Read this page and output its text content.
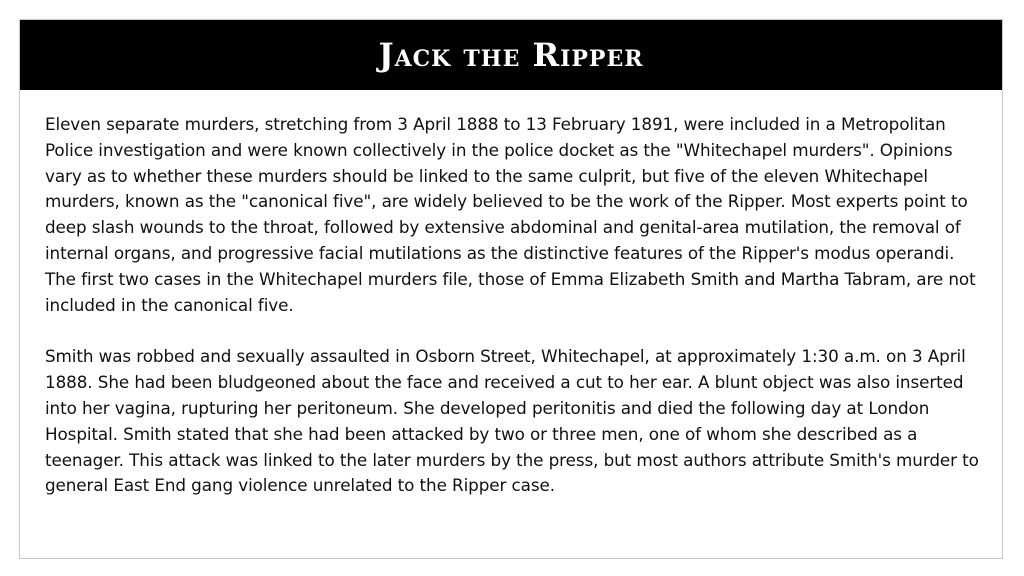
Jack the Ripper

Eleven separate murders, stretching from 3 April 1888 to 13 February 1891, were included in a Metropolitan Police investigation and were known collectively in the police docket as the "Whitechapel murders". Opinions vary as to whether these murders should be linked to the same culprit, but five of the eleven Whitechapel murders, known as the "canonical five", are widely believed to be the work of the Ripper. Most experts point to deep slash wounds to the throat, followed by extensive abdominal and genital-area mutilation, the removal of internal organs, and progressive facial mutilations as the distinctive features of the Ripper's modus operandi. The first two cases in the Whitechapel murders file, those of Emma Elizabeth Smith and Martha Tabram, are not included in the canonical five.

Smith was robbed and sexually assaulted in Osborn Street, Whitechapel, at approximately 1:30 a.m. on 3 April 1888. She had been bludgeoned about the face and received a cut to her ear. A blunt object was also inserted into her vagina, rupturing her peritoneum. She developed peritonitis and died the following day at London Hospital. Smith stated that she had been attacked by two or three men, one of whom she described as a teenager. This attack was linked to the later murders by the press, but most authors attribute Smith's murder to general East End gang violence unrelated to the Ripper case.
